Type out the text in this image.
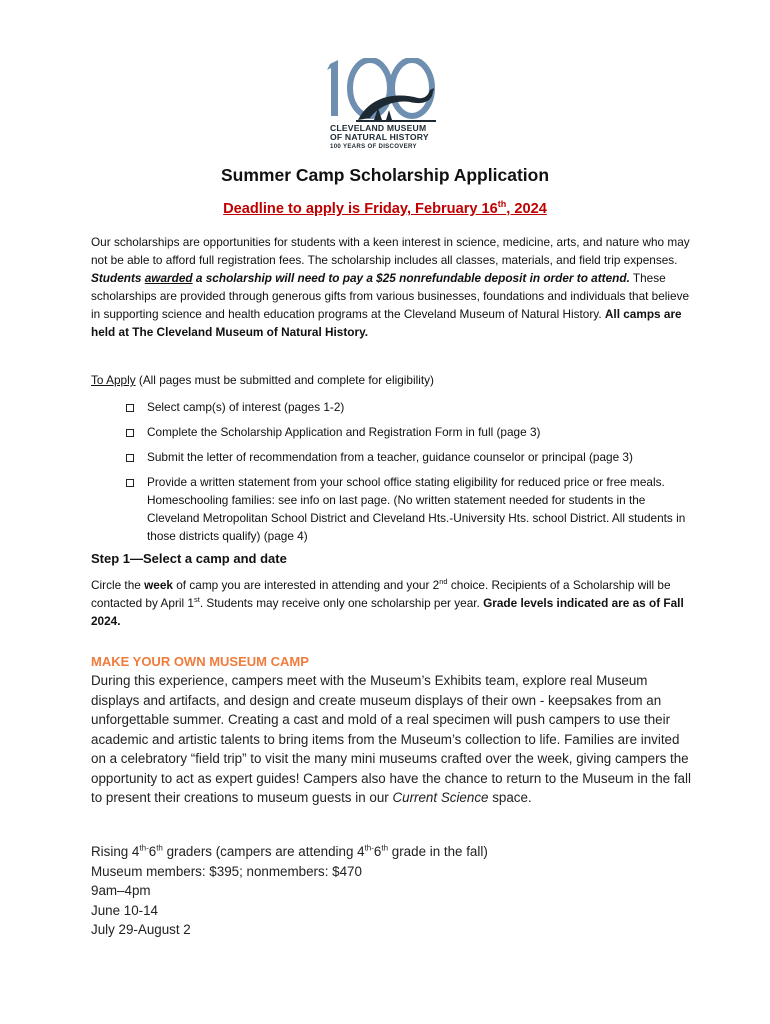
CLEVELAND MUSEUM
OF NATURAL HISTORY
100 YEARS OF DISCOVERY
Summer Camp Scholarship Application
Deadline to apply is Friday, February 16th, 2024
Our scholarships are opportunities for students with a keen interest in science, medicine, arts, and nature who may not be able to afford full registration fees. The scholarship includes all classes, materials, and field trip expenses. Students awarded a scholarship will need to pay a $25 nonrefundable deposit in order to attend. These scholarships are provided through generous gifts from various businesses, foundations and individuals that believe in supporting science and health education programs at the Cleveland Museum of Natural History. All camps are held at The Cleveland Museum of Natural History.
To Apply (All pages must be submitted and complete for eligibility)
Select camp(s) of interest (pages 1-2)
Complete the Scholarship Application and Registration Form in full (page 3)
Submit the letter of recommendation from a teacher, guidance counselor or principal (page 3)
Provide a written statement from your school office stating eligibility for reduced price or free meals. Homeschooling families: see info on last page. (No written statement needed for students in the Cleveland Metropolitan School District and Cleveland Hts.-University Hts. school District. All students in those districts qualify) (page 4)
Step 1—Select a camp and date
Circle the week of camp you are interested in attending and your 2nd choice. Recipients of a Scholarship will be contacted by April 1st. Students may receive only one scholarship per year. Grade levels indicated are as of Fall 2024.
MAKE YOUR OWN MUSEUM CAMP
During this experience, campers meet with the Museum’s Exhibits team, explore real Museum displays and artifacts, and design and create museum displays of their own - keepsakes from an unforgettable summer. Creating a cast and mold of a real specimen will push campers to use their academic and artistic talents to bring items from the Museum’s collection to life. Families are invited on a celebratory “field trip” to visit the many mini museums crafted over the week, giving campers the opportunity to act as expert guides! Campers also have the chance to return to the Museum in the fall to present their creations to museum guests in our Current Science space.
Rising $4^{th-}6th$ graders (campers are attending $4^{th-}6th$ grade in the fall)
Museum members: $395; nonmembers: $470
9am–4pm
June 10-14
July 29-August 2
